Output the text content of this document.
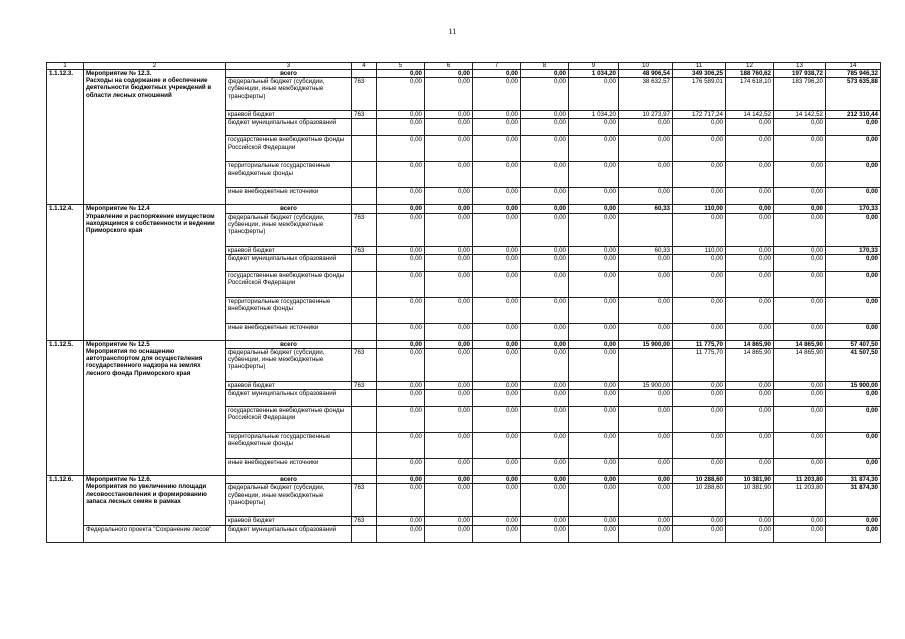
11
1	2	3	4	5	6	7	8	9	10	11	12	13	14
1.1.12.3.	Мероприятие № 12.3.
Расходы на содержание и обеспечение деятельности бюджетных учреждений в области лесных отношений	всего		0,00	0,00	0,00	0,00	1 034,20	48 906,54	349 306,25	188 760,62	197 938,72	785 946,32
		федеральный бюджет (субсидии, субвенции, иные межбюджетные трансферты)	763	0,00	0,00	0,00	0,00	0,00	38 632,57	176 589,01	174 618,10	183 796,20	573 635,88
		краевой бюджет	763	0,00	0,00	0,00	0,00	1 034,20	10 273,97	172 717,24	14 142,52	14 142,52	212 310,44
		бюджет муниципальных образований		0,00	0,00	0,00	0,00	0,00	0,00	0,00	0,00	0,00	0,00
		государственные внебюджетные фонды Российской Федерации		0,00	0,00	0,00	0,00	0,00	0,00	0,00	0,00	0,00	0,00
		территориальные государственные внебюджетные фонды		0,00	0,00	0,00	0,00	0,00	0,00	0,00	0,00	0,00	0,00
		иные внебюджетные источники		0,00	0,00	0,00	0,00	0,00	0,00	0,00	0,00	0,00	0,00
1.1.12.4.	Мероприятие № 12.4
Управление и распоряжение имуществом находящимся в собственности и ведении Приморского края	всего		0,00	0,00	0,00	0,00	0,00	60,33	110,00	0,00	0,00	170,33
		федеральный бюджет (субсидии, субвенции, иные межбюджетные трансферты)	763	0,00	0,00	0,00	0,00	0,00		0,00	0,00	0,00	0,00
		краевой бюджет	763	0,00	0,00	0,00	0,00	0,00	60,33	110,00	0,00	0,00	170,33
		бюджет муниципальных образований		0,00	0,00	0,00	0,00	0,00	0,00	0,00	0,00	0,00	0,00
		государственные внебюджетные фонды Российской Федерации		0,00	0,00	0,00	0,00	0,00	0,00	0,00	0,00	0,00	0,00
		территориальные государственные внебюджетные фонды		0,00	0,00	0,00	0,00	0,00	0,00	0,00	0,00	0,00	0,00
		иные внебюджетные источники		0,00	0,00	0,00	0,00	0,00	0,00	0,00	0,00	0,00	0,00
1.1.12.5.	Мероприятие № 12.5
Мероприятия по оснащению автотранспортом для осуществления государственного надзора на землях лесного фонда Приморского края	всего		0,00	0,00	0,00	0,00	0,00	15 900,00	11 775,70	14 865,90	14 865,90	57 407,50
		федеральный бюджет (субсидии, субвенции, иные межбюджетные трансферты)	763	0,00	0,00	0,00	0,00	0,00		11 775,70	14 865,90	14 865,90	41 507,50
		краевой бюджет	763	0,00	0,00	0,00	0,00	0,00	15 900,00	0,00	0,00	0,00	15 900,00
		бюджет муниципальных образований		0,00	0,00	0,00	0,00	0,00	0,00	0,00	0,00	0,00	0,00
		государственные внебюджетные фонды Российской Федерации		0,00	0,00	0,00	0,00	0,00	0,00	0,00	0,00	0,00	0,00
		территориальные государственные внебюджетные фонды		0,00	0,00	0,00	0,00	0,00	0,00	0,00	0,00	0,00	0,00
		иные внебюджетные источники		0,00	0,00	0,00	0,00	0,00	0,00	0,00	0,00	0,00	0,00
1.1.12.6.	Мероприятие № 12.6.
Мероприятия по увеличению площади лесовосстановления и формированию запаса лесных семян в рамках	всего		0,00	0,00	0,00	0,00	0,00	0,00	10 288,60	10 381,90	11 203,80	31 874,30
		федеральный бюджет (субсидии, субвенции, иные межбюджетные трансферты)	763	0,00	0,00	0,00	0,00	0,00	0,00	10 288,60	10 381,90	11 203,80	31 874,30
		краевой бюджет	763	0,00	0,00	0,00	0,00	0,00	0,00	0,00	0,00	0,00	0,00
	Федерального проекта "Сохранение лесов"	бюджет муниципальных образований		0,00	0,00	0,00	0,00	0,00	0,00	0,00	0,00	0,00	0,00
